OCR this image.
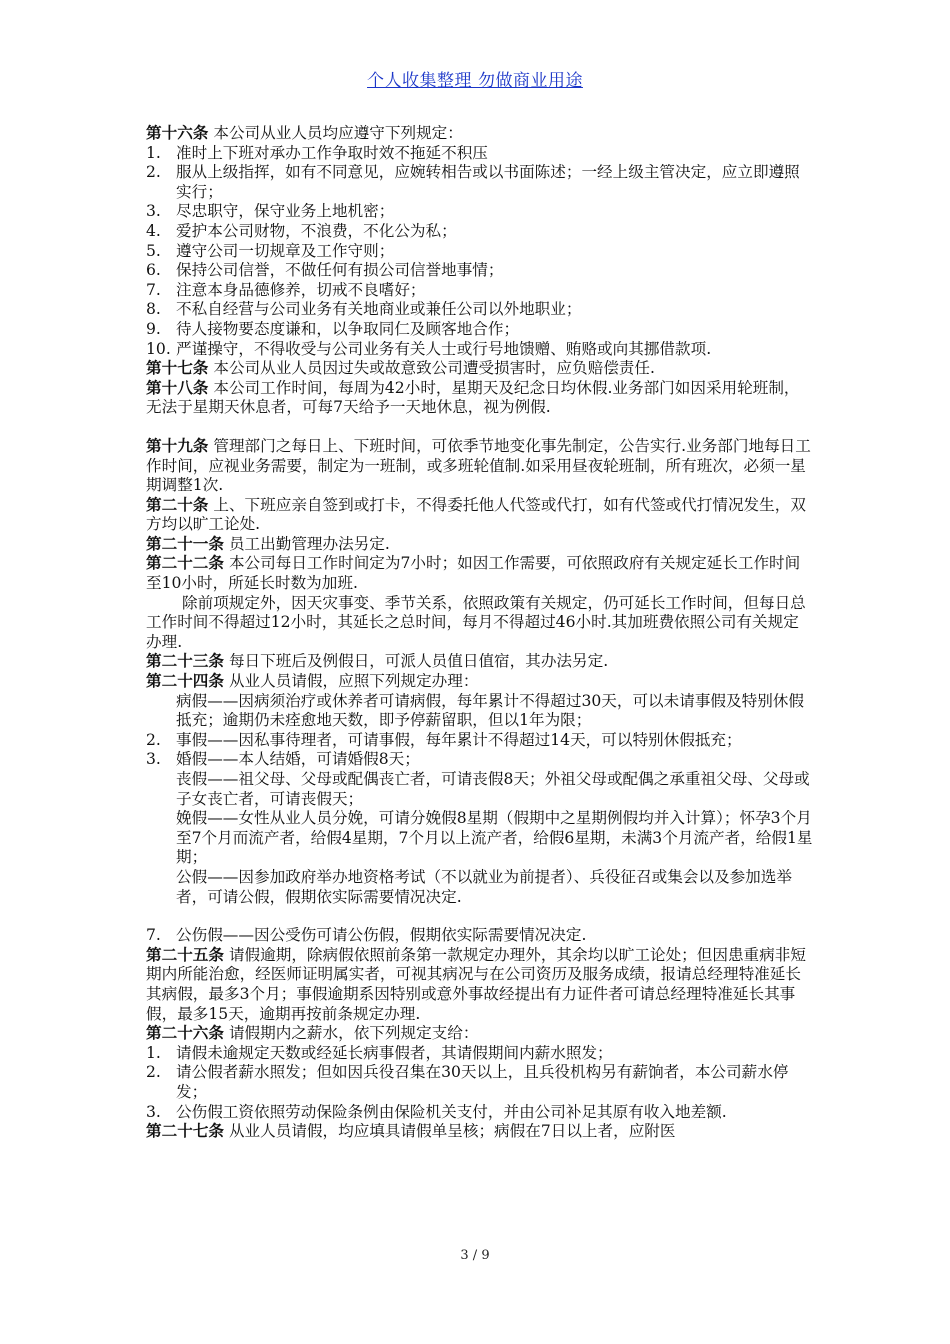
个人收集整理 勿做商业用途

第十六条 本公司从业人员均应遵守下列规定：

1. 准时上下班对承办工作争取时效不拖延不积压
2. 服从上级指挥，如有不同意见，应婉转相告或以书面陈述；一经上级主管决定，应立即遵照实行；
3. 尽忠职守，保守业务上地机密；
4. 爱护本公司财物，不浪费，不化公为私；
5. 遵守公司一切规章及工作守则；
6. 保持公司信誉，不做任何有损公司信誉地事情；
7. 注意本身品德修养，切戒不良嗜好；
8. 不私自经营与公司业务有关地商业或兼任公司以外地职业；
9. 待人接物要态度谦和，以争取同仁及顾客地合作；
10. 严谨操守，不得收受与公司业务有关人士或行号地馈赠、贿赂或向其挪借款项.

第十七条 本公司从业人员因过失或故意致公司遭受损害时，应负赔偿责任.

第十八条 本公司工作时间，每周为42小时，星期天及纪念日均休假.业务部门如因采用轮班制，无法于星期天休息者，可每7天给予一天地休息，视为例假.

第十九条 管理部门之每日上、下班时间，可依季节地变化事先制定，公告实行.业务部门地每日工作时间，应视业务需要，制定为一班制，或多班轮值制.如采用昼夜轮班制，所有班次，必须一星期调整1次.

第二十条 上、下班应亲自签到或打卡，不得委托他人代签或代打，如有代签或代打情况发生，双方均以旷工论处.

第二十一条 员工出勤管理办法另定.

第二十二条 本公司每日工作时间定为7小时；如因工作需要，可依照政府有关规定延长工作时间至10小时，所延长时数为加班.

除前项规定外，因天灾事变、季节关系，依照政策有关规定，仍可延长工作时间，但每日总工作时间不得超过12小时，其延长之总时间，每月不得超过46小时.其加班费依照公司有关规定办理.

第二十三条 每日下班后及例假日，可派人员值日值宿，其办法另定.

第二十四条 从业人员请假，应照下列规定办理：

病假——因病须治疗或休养者可请病假，每年累计不得超过30天，可以未请事假及特别休假抵充；逾期仍未痊愈地天数，即予停薪留职，但以1年为限；

2. 事假——因私事待理者，可请事假，每年累计不得超过14天，可以特别休假抵充；
3. 婚假——本人结婚，可请婚假8天；

丧假——祖父母、父母或配偶丧亡者，可请丧假8天；外祖父母或配偶之承重祖父母、父母或子女丧亡者，可请丧假天；

娩假——女性从业人员分娩，可请分娩假8星期（假期中之星期例假均并入计算）；怀孕3个月至7个月而流产者，给假4星期，7个月以上流产者，给假6星期，未满3个月流产者，给假1星期；

公假——因参加政府举办地资格考试（不以就业为前提者）、兵役征召或集会以及参加选举者，可请公假，假期依实际需要情况决定.

7. 公伤假——因公受伤可请公伤假，假期依实际需要情况决定.

第二十五条 请假逾期，除病假依照前条第一款规定办理外，其余均以旷工论处；但因患重病非短期内所能治愈，经医师证明属实者，可视其病况与在公司资历及服务成绩，报请总经理特准延长其病假，最多3个月；事假逾期系因特别或意外事故经提出有力证件者可请总经理特准延长其事假，最多15天，逾期再按前条规定办理.

第二十六条 请假期内之薪水，依下列规定支给：

1. 请假未逾规定天数或经延长病事假者，其请假期间内薪水照发；
2. 请公假者薪水照发；但如因兵役召集在30天以上，且兵役机构另有薪饷者，本公司薪水停发；
3. 公伤假工资依照劳动保险条例由保险机关支付，并由公司补足其原有收入地差额.

第二十七条 从业人员请假，均应填具请假单呈核；病假在7日以上者，应附医

3 / 9
